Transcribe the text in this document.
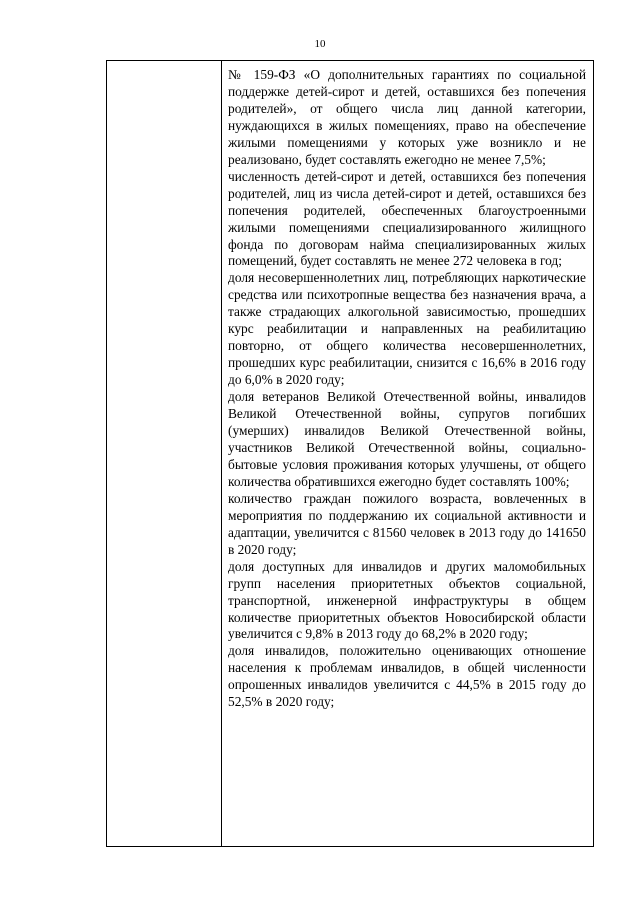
10

№ 159-ФЗ «О дополнительных гарантиях по социальной поддержке детей-сирот и детей, оставшихся без попечения родителей», от общего числа лиц данной категории, нуждающихся в жилых помещениях, право на обеспечение жилыми помещениями у которых уже возникло и не реализовано, будет составлять ежегодно не менее 7,5%;

численность детей-сирот и детей, оставшихся без попечения родителей, лиц из числа детей-сирот и детей, оставшихся без попечения родителей, обеспеченных благоустроенными жилыми помещениями специализированного жилищного фонда по договорам найма специализированных жилых помещений, будет составлять не менее 272 человека в год;

доля несовершеннолетних лиц, потребляющих наркотические средства или психотропные вещества без назначения врача, а также страдающих алкогольной зависимостью, прошедших курс реабилитации и направленных на реабилитацию повторно, от общего количества несовершеннолетних, прошедших курс реабилитации, снизится с 16,6% в 2016 году до 6,0% в 2020 году;

доля ветеранов Великой Отечественной войны, инвалидов Великой Отечественной войны, супругов погибших (умерших) инвалидов Великой Отечественной войны, участников Великой Отечественной войны, социально-бытовые условия проживания которых улучшены, от общего количества обратившихся ежегодно будет составлять 100%;

количество граждан пожилого возраста, вовлеченных в мероприятия по поддержанию их социальной активности и адаптации, увеличится с 81560 человек в 2013 году до 141650 в 2020 году;

доля доступных для инвалидов и других маломобильных групп населения приоритетных объектов социальной, транспортной, инженерной инфраструктуры в общем количестве приоритетных объектов Новосибирской области увеличится с 9,8% в 2013 году до 68,2% в 2020 году;

доля инвалидов, положительно оценивающих отношение населения к проблемам инвалидов, в общей численности опрошенных инвалидов увеличится с 44,5% в 2015 году до 52,5% в 2020 году;
